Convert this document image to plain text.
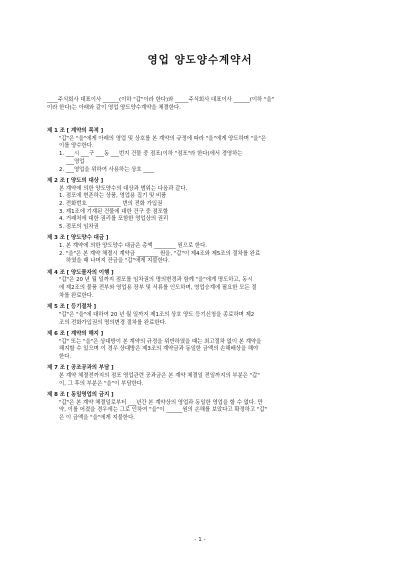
영업 양도양수계약서
____주식회사 대표이사 ______(이하 "갑"이라 한다)와 _____주식회사 대표이사 ______(이하 "을"
이라 한다)는 아래와 같이 영업 양도양수계약을 체결한다.
제 1 조 [ 계약의 목적 ]
"갑"은 "을"에게 아래의 영업 및 상호를 본 계약의 규정에 따라 "을"에게 양도하며 "을"은
이를 양수한다.
1. ___시 ___구 ___동 ___번지 건물 중 점포(이하 "점포"라 한다)에서 경영하는
___영업
2. ___영업을 위하여 사용하는 상호 ____
제 2 조 [ 양도의 대상 ]
본 계약에 의한 양도양수의 대상과 범위는 다음과 같다.
1. 점포에 현존하는 상품, 영업용 집기 및 비품
2. 전화번호 ____________ 번의 전화 가입권
3. 제1조에 기재된 건물에 대한 건구 중 점포할
4. 거래처에 대한 권리를 포함한 영업상의 권리
5. 점포의 임차권
제 3 조 [ 양도양수 대금 ]
1. 본 계약에 의한 양도양수 대금은 총액 ________ 원으로 한다.
2. "을"은 본 계약 체결시 계약금 ________ 원을, "갑"이 제4조와 제5조의 절차를 완료
하였을 때 나머지 잔금을 "갑"에게 지불한다.
제 4 조 [ 양도물자의 이행 ]
"갑"은 20 년 월 일까지 점포를 임차권의 명의변경과 함께 "을"에게 명도하고, 동시
에 제2조의 물품 전부와 영업용 장부 및 서류를 인도하며, 영업승계에 필요한 모든 절
차를 완료한다.
제 5 조 [ 등기절차 ]
"갑"은 "을"에 대하여 20 년 월 일까지 제1조의 상호 양도 등기신청을 종료하며 제2
조의 전화가입권의 명의변경 절차를 완료한다.
제 6 조 [ 계약의 해지 ]
"갑" 또는 "을"은 상대방이 본 계약의 규정을 위반하였을 때는 최고절차 없이 본 계약을
해지할 수 있으며 이 경우 상대방은 제3조의 계약금과 동일한 금액의 손해배상을 해야
한다.
제 7 조 [ 공조공과의 부담 ]
본 계약 체결전까지의 점포 영업관련 공과금은 본 계약 체결일 전일까지의 부분은 "갑"
이, 그 후의 부분은 "을"이 부담한다.
제 8 조 [ 동일영업의 금지 ]
"갑"은 본 계약 체결일로부터 ___년간 본 계약상의 영업과 동일한 영업을 할 수 없다. 만
약, 이를 어겼을 경우에는 그로 인하여 "을"이 ______원의 손해를 보았다고 확정하고 "갑"
은 이 금액을 "을"에게 지불한다.
- 1 -
